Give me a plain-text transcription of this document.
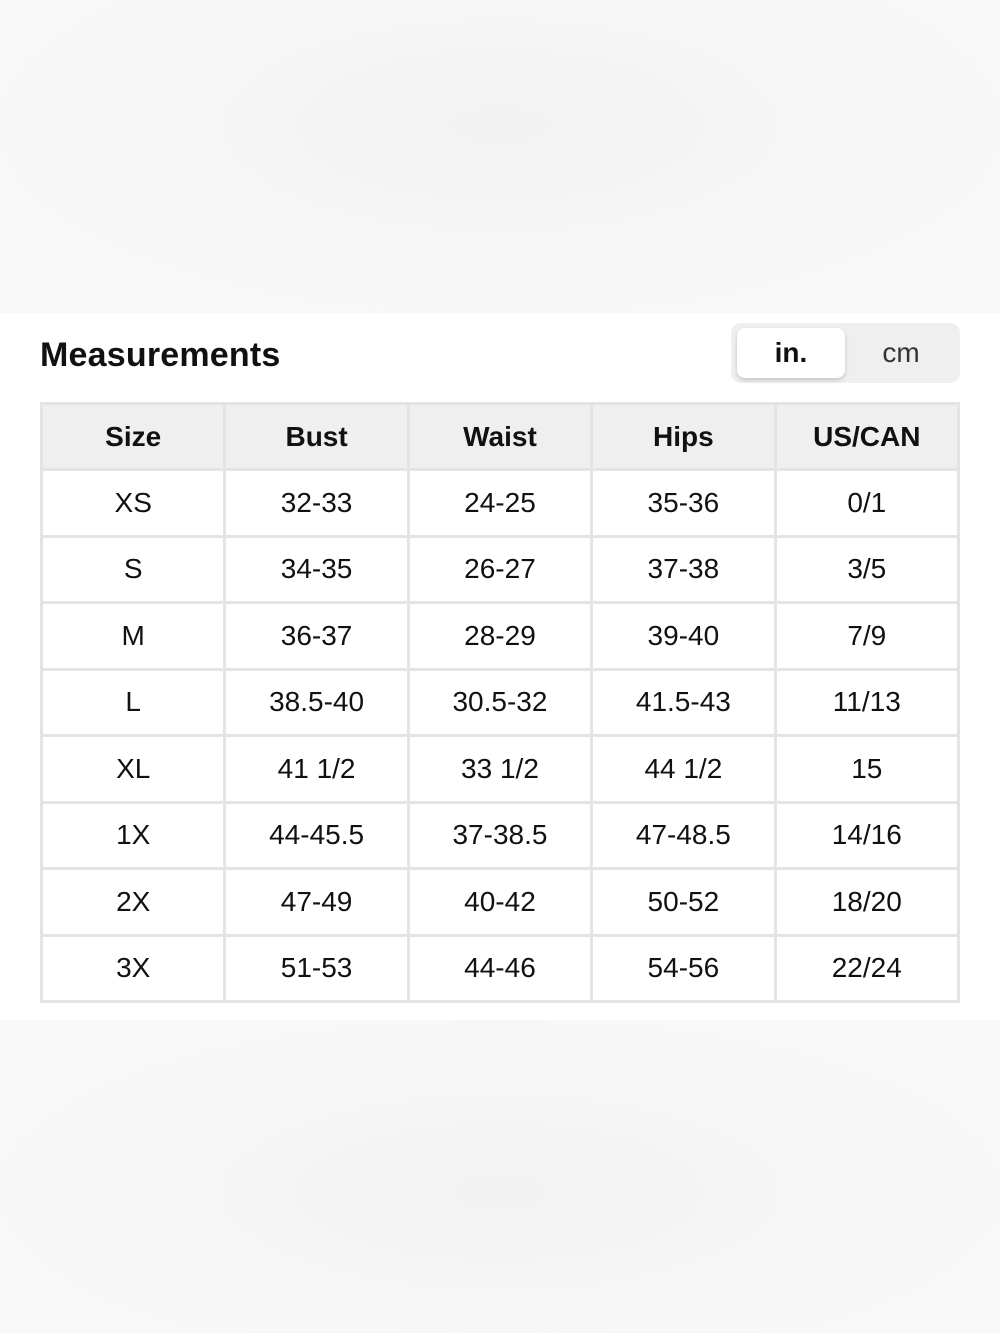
Measurements	in.	cm
Size	Bust	Waist	Hips	US/CAN
XS	32-33	24-25	35-36	0/1
S	34-35	26-27	37-38	3/5
M	36-37	28-29	39-40	7/9
L	38.5-40	30.5-32	41.5-43	11/13
XL	41 1/2	33 1/2	44 1/2	15
1X	44-45.5	37-38.5	47-48.5	14/16
2X	47-49	40-42	50-52	18/20
3X	51-53	44-46	54-56	22/24
